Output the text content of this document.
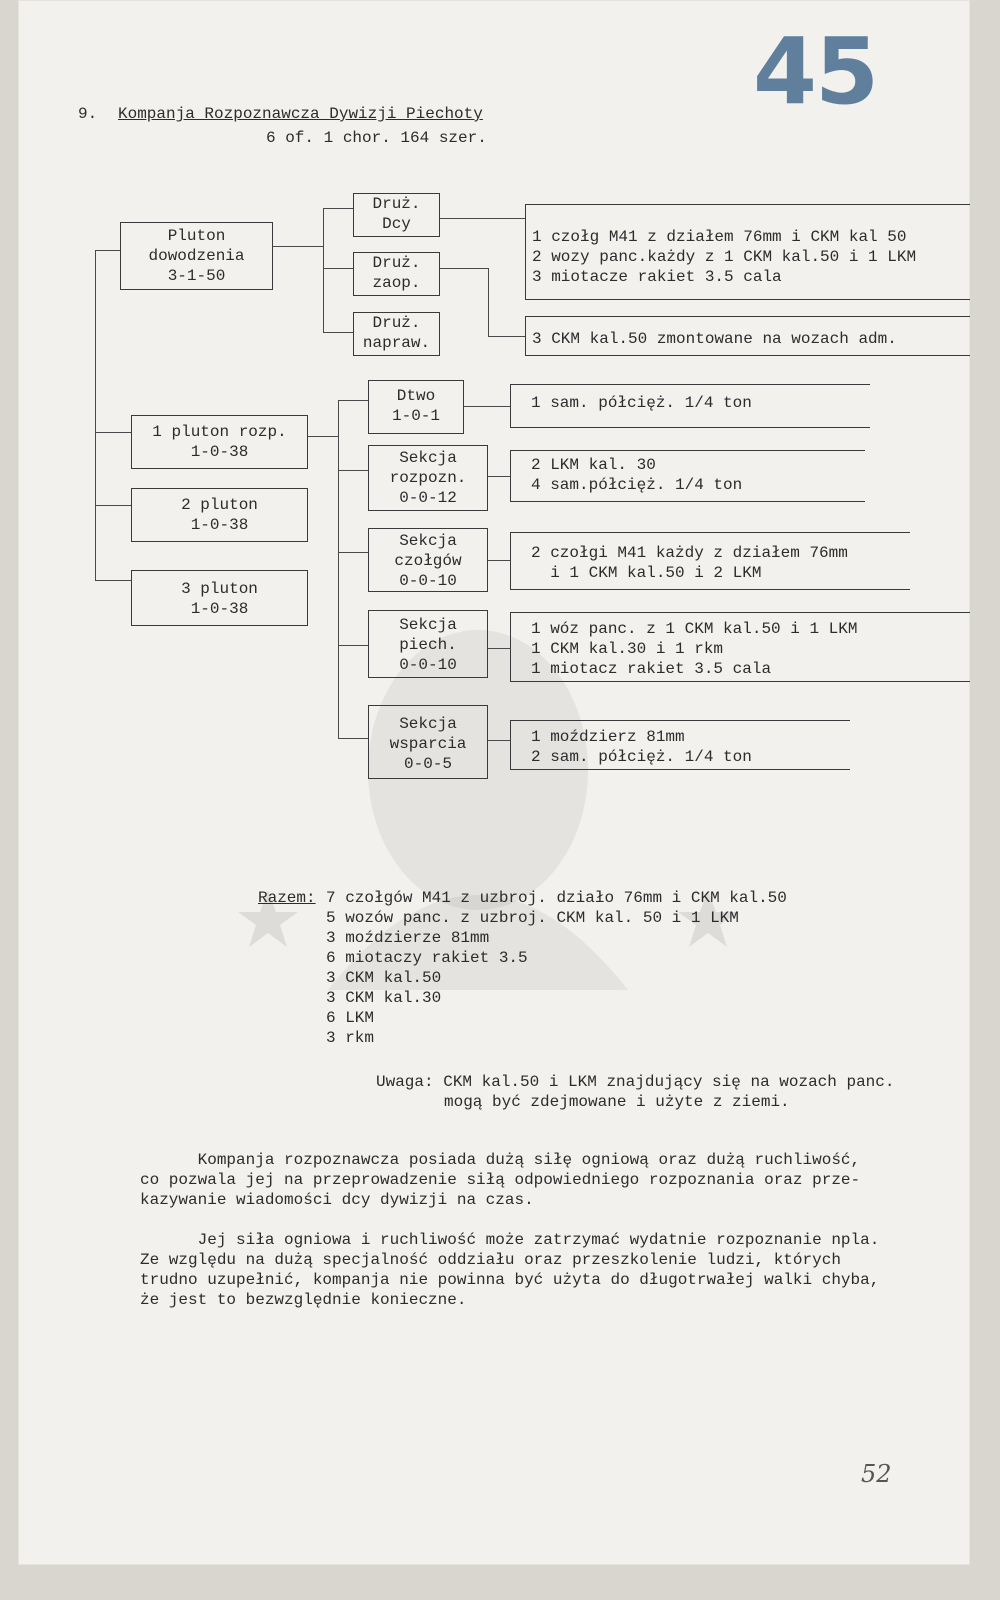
45
9. Kompanja Rozpoznawcza Dywizji Piechoty
6 of. 1 chor. 164 szer.
Pluton
dowodzenia
3-1-50
1 pluton rozp.
1-0-38
2 pluton
1-0-38
3 pluton
1-0-38
Druż.
Dcy
Druż.
zaop.
Druż.
napraw.
1 czołg M41 z działem 76mm i CKM kal 50
2 wozy panc.każdy z 1 CKM kal.50 i 1 LKM
3 miotacze rakiet 3.5 cala
3 CKM kal.50 zmontowane na wozach adm.
Dtwo
1-0-1
Sekcja
rozpozn.
0-0-12
Sekcja
czołgów
0-0-10
Sekcja
piech.
0-0-10
Sekcja
wsparcia
0-0-5
1 sam. półcięż. 1/4 ton
2 LKM kal. 30
4 sam.półcięż. 1/4 ton
2 czołgi M41 każdy z działem 76mm
i 1 CKM kal.50 i 2 LKM
1 wóz panc. z 1 CKM kal.50 i 1 LKM
1 CKM kal.30 i 1 rkm
1 miotacz rakiet 3.5 cala
1 moździerz 81mm
2 sam. półcięż. 1/4 ton
Razem: 7 czołgów M41 z uzbroj. działo 76mm i CKM kal.50
5 wozów panc. z uzbroj. CKM kal. 50 i 1 LKM
3 moździerze 81mm
6 miotaczy rakiet 3.5
3 CKM kal.50
3 CKM kal.30
6 LKM
3 rkm
Uwaga: CKM kal.50 i LKM znajdujący się na wozach panc.
mogą być zdejmowane i użyte z ziemi.
Kompanja rozpoznawcza posiada dużą siłę ogniową oraz dużą ruchliwość,
co pozwala jej na przeprowadzenie siłą odpowiedniego rozpoznania oraz prze-
kazywanie wiadomości dcy dywizji na czas.
Jej siła ogniowa i ruchliwość może zatrzymać wydatnie rozpoznanie npla.
Ze względu na dużą specjalność oddziału oraz przeszkolenie ludzi, których
trudno uzupełnić, kompanja nie powinna być użyta do długotrwałej walki chyba,
że jest to bezwzględnie konieczne.
52
